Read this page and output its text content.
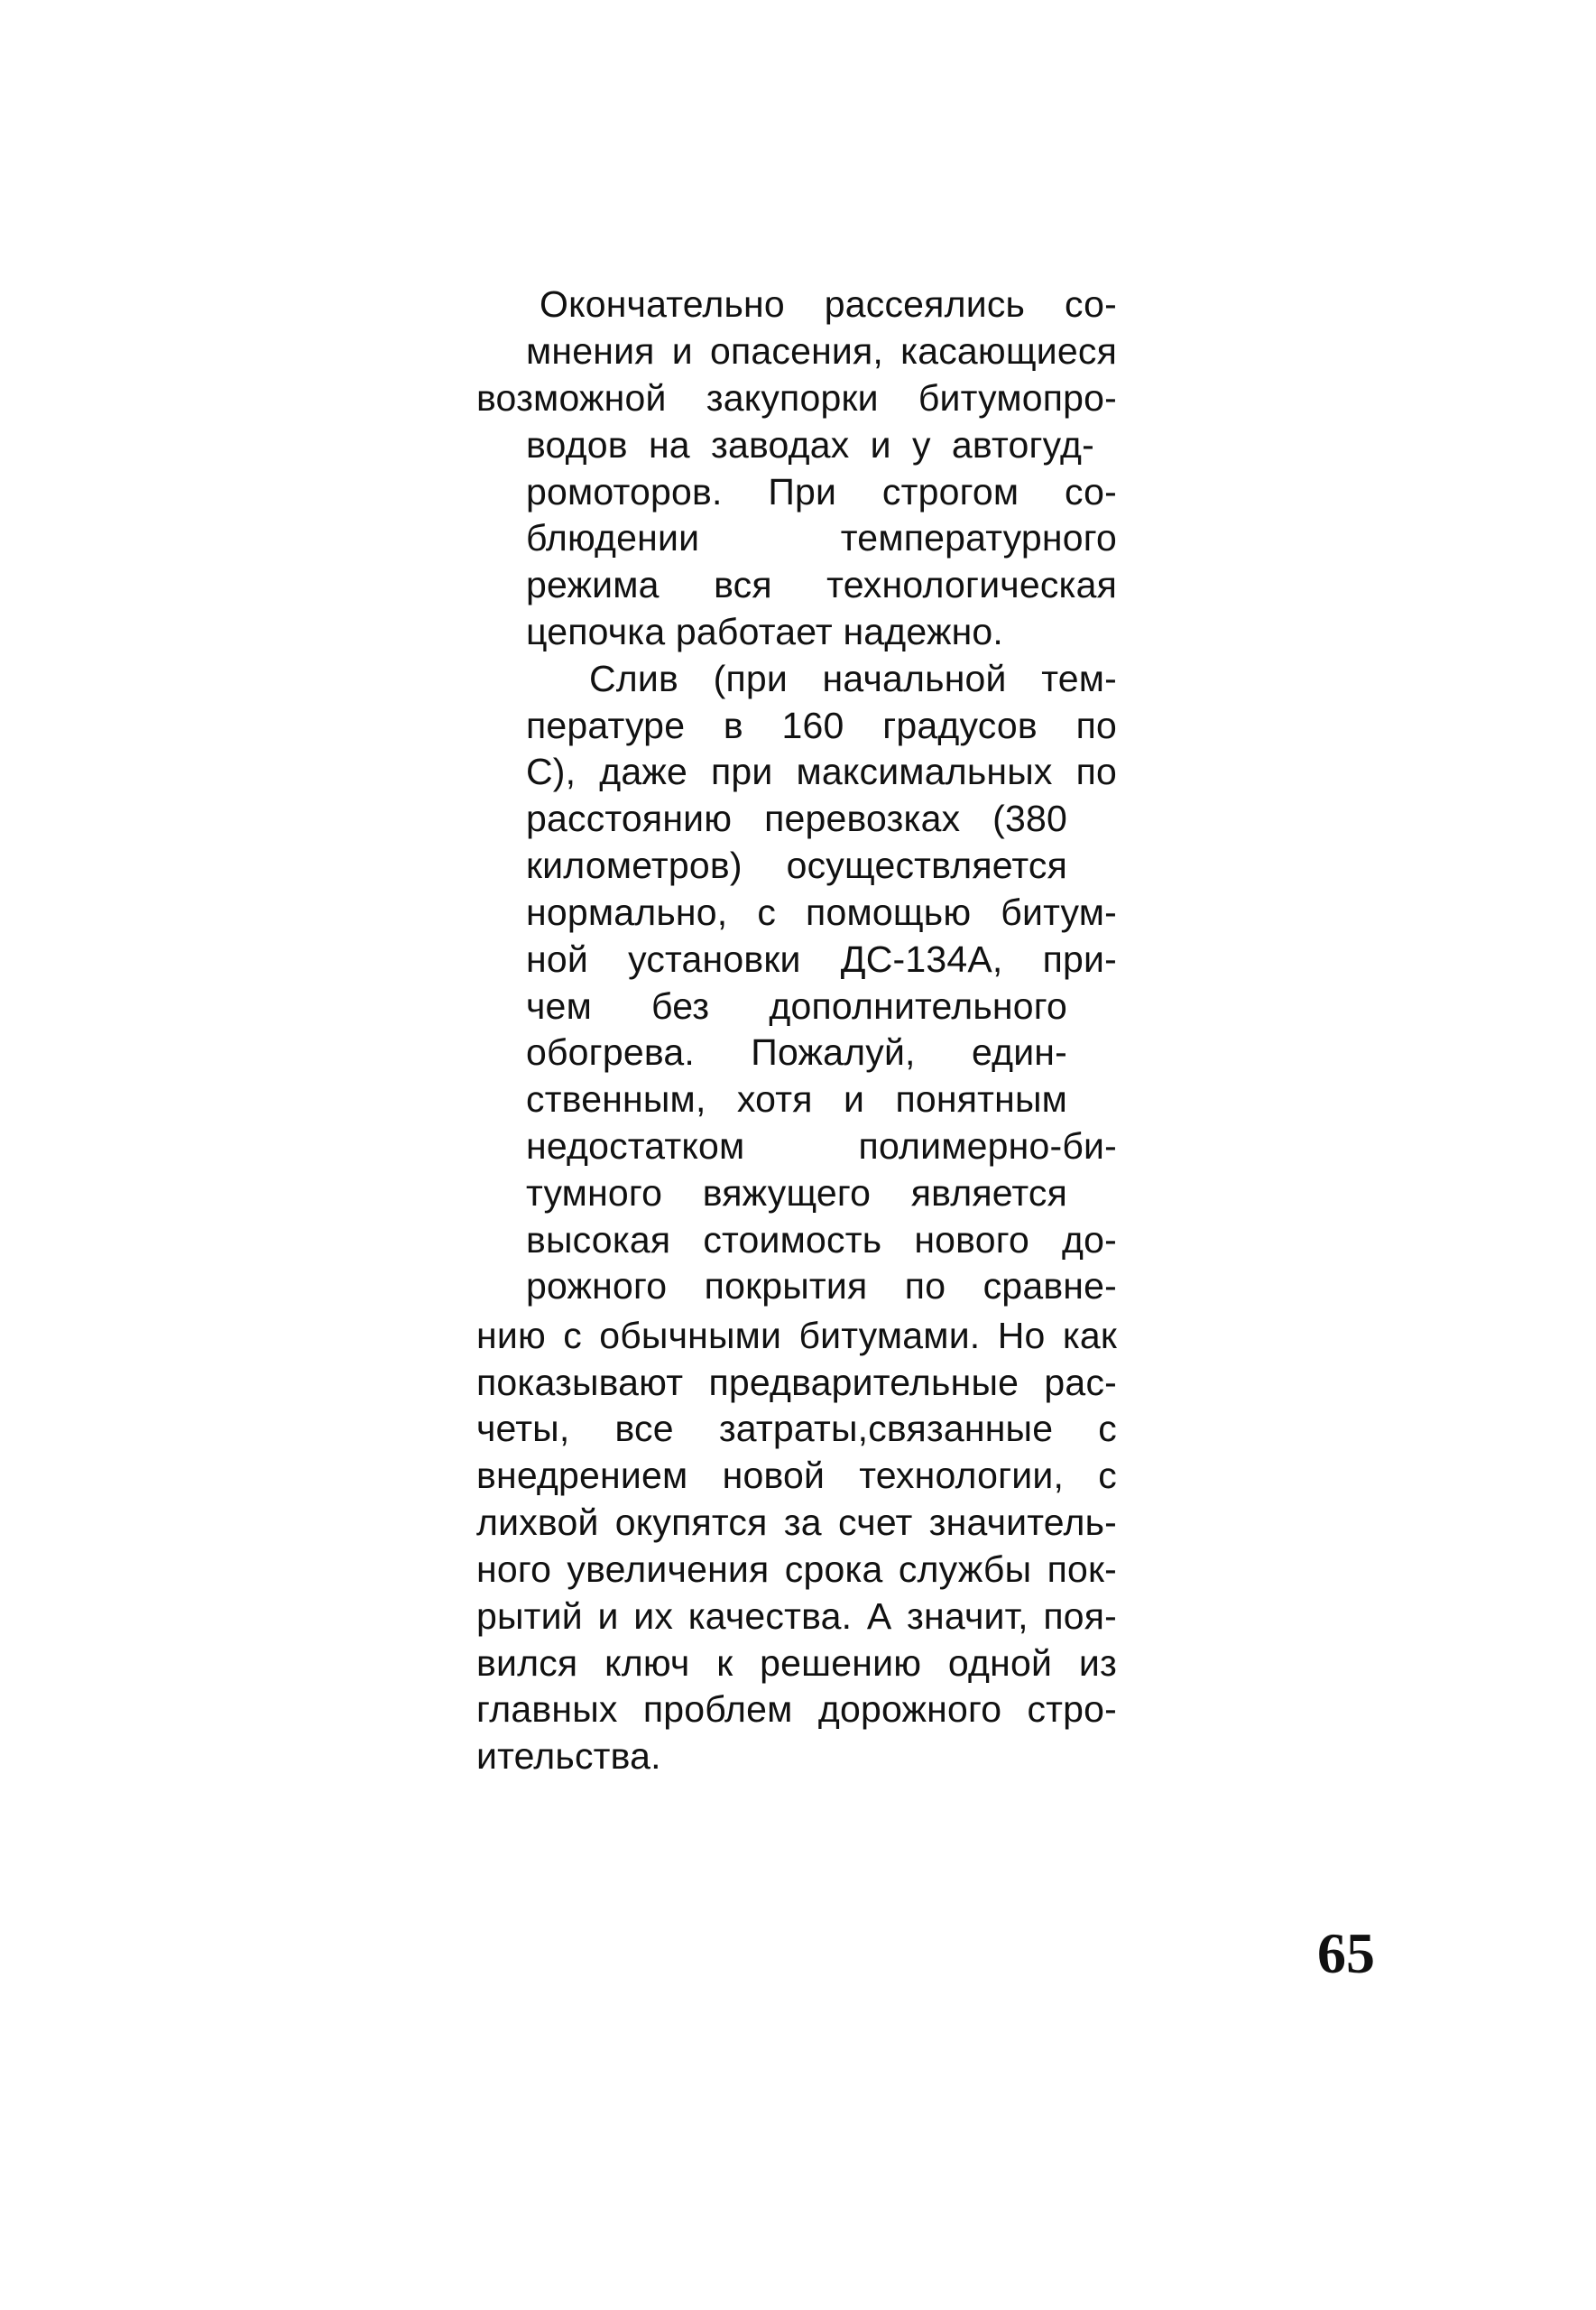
Окончательно рассеялись со-
мнения и опасения, касающиеся
возможной закупорки битумопро-
водов на заводах и у автогуд-
ромоторов. При строгом со-
блюдении температурного
режима вся технологическая
цепочка работает надежно.
Слив (при начальной тем-
пературе в 160 градусов по
С), даже при максимальных по
расстоянию перевозках (380
километров) осуществляется
нормально, с помощью битум-
ной установки ДС-134А, при-
чем без дополнительного
обогрева. Пожалуй, един-
ственным, хотя и понятным
недостатком полимерно-би-
тумного вяжущего является
высокая стоимость нового до-
рожного покрытия по сравне-
нию с обычными битумами. Но как
показывают предварительные рас-
четы, все затраты,связанные с
внедрением новой технологии, с
лихвой окупятся за счет значитель-
ного увеличения срока службы пок-
рытий и их качества. А значит, поя-
вился ключ к решению одной из
главных проблем дорожного стро-
ительства.
65
